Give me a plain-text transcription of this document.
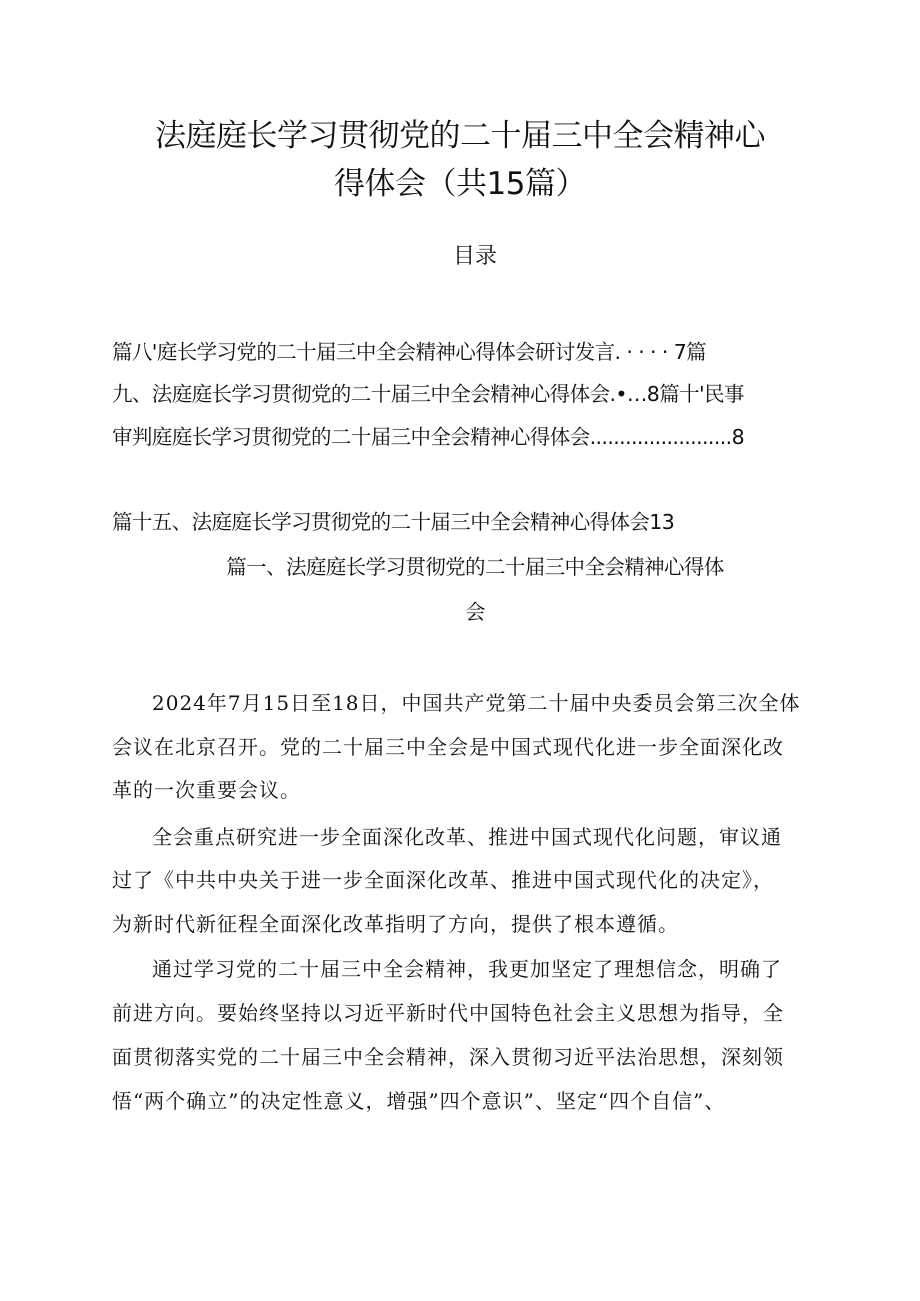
法庭庭长学习贯彻党的二十届三中全会精神心
得体会（共15篇）
目录
篇八'庭长学习党的二十届三中全会精神心得体会研讨发言. · · · · 7篇
九、法庭庭长学习贯彻党的二十届三中全会精神心得体会.•…8篇十'民事
审判庭庭长学习贯彻党的二十届三中全会精神心得体会........................8
篇十五、法庭庭长学习贯彻党的二十届三中全会精神心得体会13
篇一、法庭庭长学习贯彻党的二十届三中全会精神心得体
会
2024年7月15日至18日，中国共产党第二十届中央委员会第三次全体
会议在北京召开。党的二十届三中全会是中国式现代化进一步全面深化改
革的一次重要会议。
全会重点研究进一步全面深化改革、推进中国式现代化问题，审议通
过了《中共中央关于进一步全面深化改革、推进中国式现代化的决定》，
为新时代新征程全面深化改革指明了方向，提供了根本遵循。
通过学习党的二十届三中全会精神，我更加坚定了理想信念，明确了
前进方向。要始终坚持以习近平新时代中国特色社会主义思想为指导，全
面贯彻落实党的二十届三中全会精神，深入贯彻习近平法治思想，深刻领
悟“两个确立”的决定性意义，增强”四个意识”、坚定“四个自信”、
